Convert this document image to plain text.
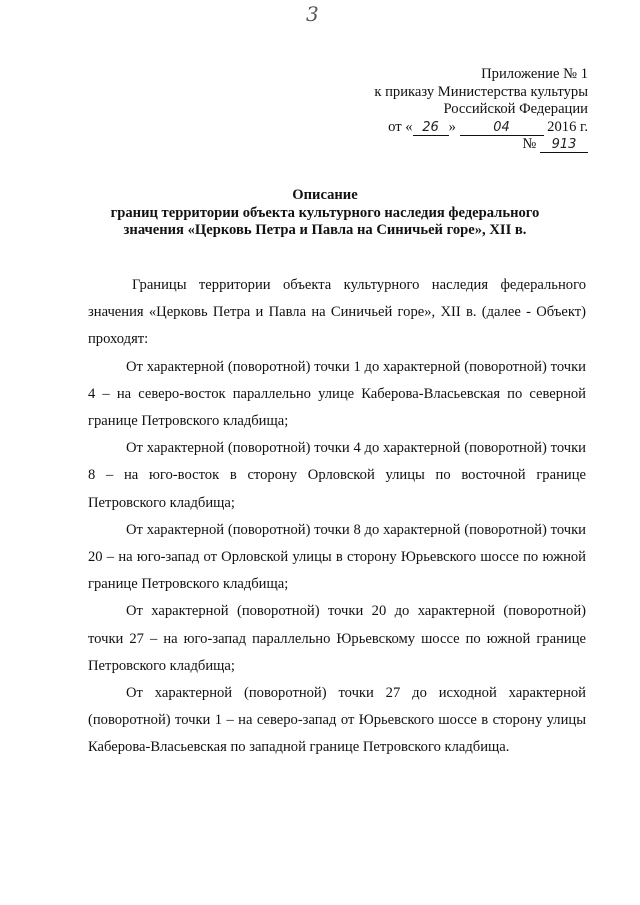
3
Приложение № 1
к приказу Министерства культуры
Российской Федерации
от « 26 »	04	2016 г.
№ 913
Описание
границ территории объекта культурного наследия федерального
значения «Церковь Петра и Павла на Синичьей горе», XII в.

Границы территории объекта культурного наследия федерального значения «Церковь Петра и Павла на Синичьей горе», XII в. (далее - Объект) проходят:

От характерной (поворотной) точки 1 до характерной (поворотной) точки 4 – на северо-восток параллельно улице Каберова-Власьевская по северной границе Петровского кладбища;

От характерной (поворотной) точки 4 до характерной (поворотной) точки 8 – на юго-восток в сторону Орловской улицы по восточной границе Петровского кладбища;

От характерной (поворотной) точки 8 до характерной (поворотной) точки 20 – на юго-запад от Орловской улицы в сторону Юрьевского шоссе по южной границе Петровского кладбища;

От характерной (поворотной) точки 20 до характерной (поворотной) точки 27 – на юго-запад параллельно Юрьевскому шоссе по южной границе Петровского кладбища;

От характерной (поворотной) точки 27 до исходной характерной (поворотной) точки 1 – на северо-запад от Юрьевского шоссе в сторону улицы Каберова-Власьевская по западной границе Петровского кладбища.
